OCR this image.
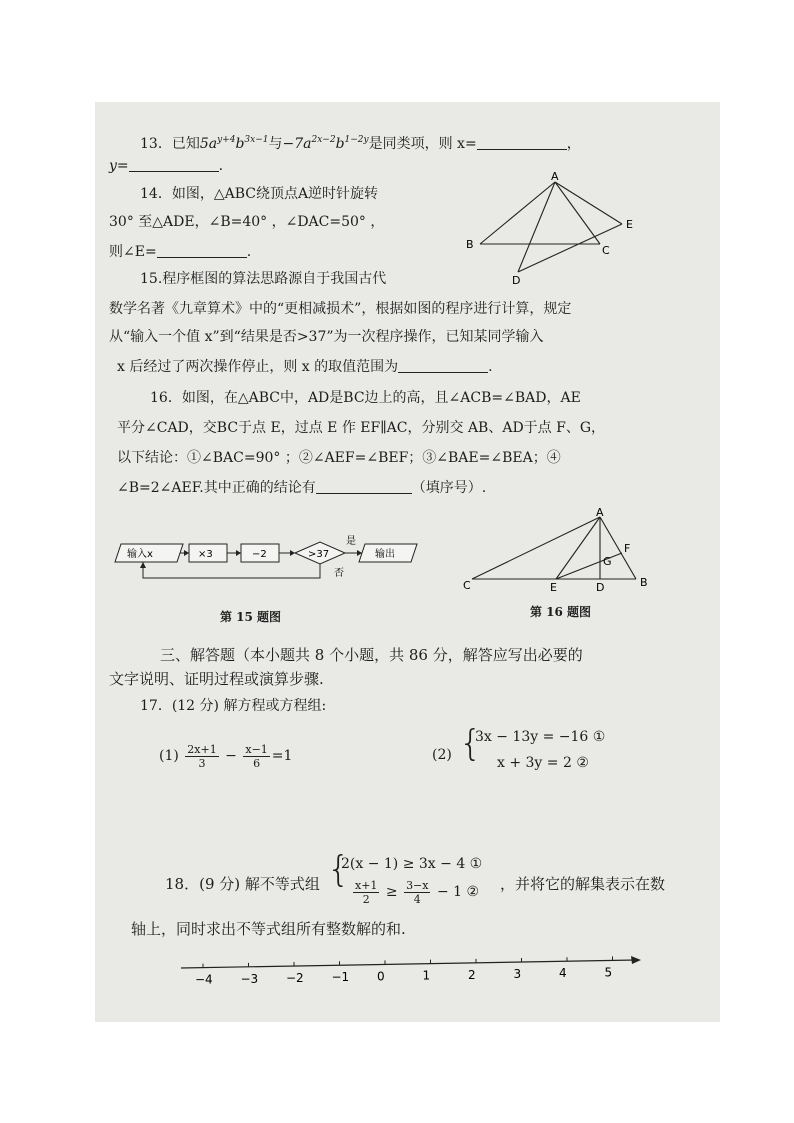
13．已知$5a^{y+4}b^{3x-1}$与$-7a^{2x-2}b^{1-2y}$是同类项，则 x=	，
y=	.
14．如图，△ABC绕顶点A逆时针旋转
30° 至△ADE，∠B=40° ，∠DAC=50° ，
则∠E=	.
A
B	C
D
E
15.程序框图的算法思路源自于我国古代
数学名著《九章算术》中的“更相减损术”，根据如图的程序进行计算，规定
从“输入一个值 x”到“结果是否>37”为一次程序操作，已知某同学输入
x 后经过了两次操作停止，则 x 的取值范围为	.
16．如图，在△ABC中，AD是BC边上的高，且∠ACB=∠BAD，AE
平分∠CAD，交BC于点 E，过点 E 作 EF∥AC，分别交 AB、AD于点 F、G，
以下结论：①∠BAC=90° ；②∠AEF=∠BEF；③∠BAE=∠BEA；④
∠B=2∠AEF.其中正确的结论有	（填序号）.
输入x	×3	−2	>37
是
否
输出
第 15 题图
A
C	E	D	B
G
F
第 16 题图
三、解答题（本小题共 8 个小题，共 86 分，解答应写出必要的
文字说明、证明过程或演算步骤.
17．(12 分) 解方程或方程组:
$(1) \frac{2x+1}{3} - \frac{x-1}{6} =1$	(2) {
3x − 13y = −16 ①
x + 3y = 2 ②
18．(9 分) 解不等式组 {
2(x − 1) ≥ 3x − 4 ①
$\frac{x+1}{2} \ge \frac{3-x}{4} - 1$ ② ，并将它的解集表示在数
轴上，同时求出不等式组所有整数解的和.
−4 −3 −2 −1 0	1	2	3	4	5
